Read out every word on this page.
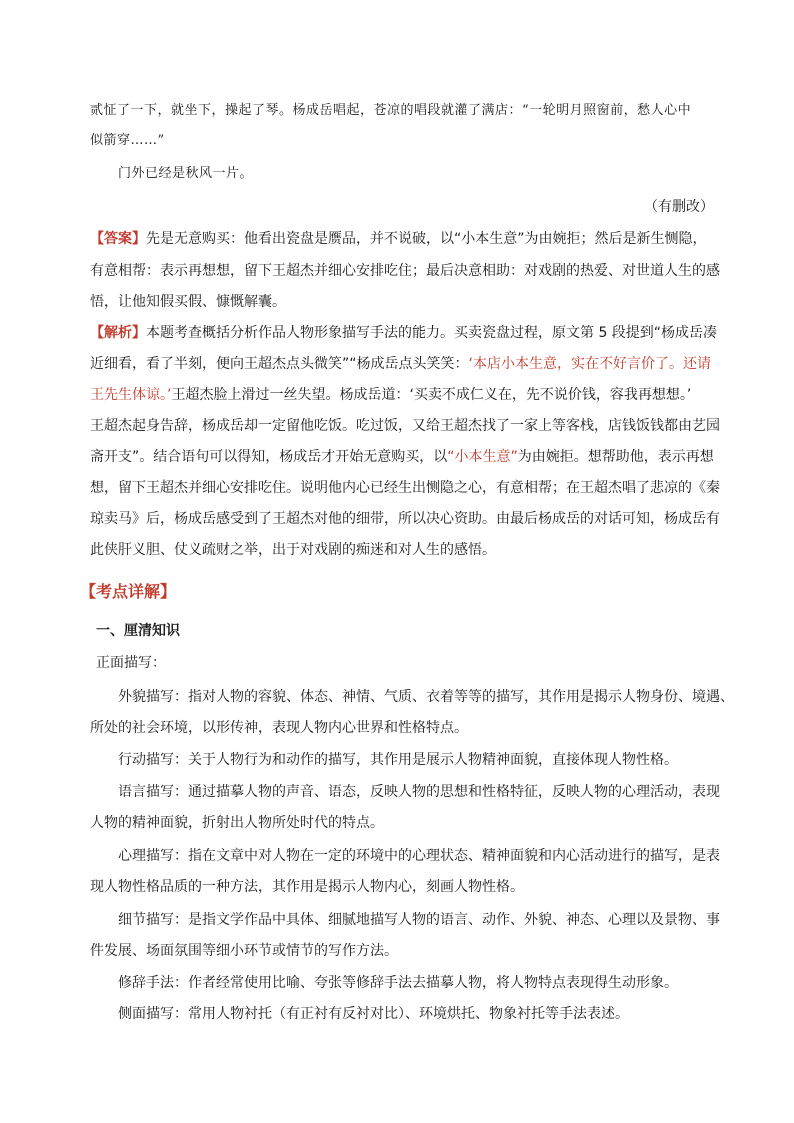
贰怔了一下，就坐下，操起了琴。杨成岳唱起，苍凉的唱段就灌了满店：“一轮明月照窗前，愁人心中
似箭穿……”
门外已经是秋风一片。
（有删改）
【答案】先是无意购买：他看出瓷盘是赝品，并不说破，以“小本生意”为由婉拒；然后是新生恻隐，
有意相帮：表示再想想，留下王超杰并细心安排吃住；最后决意相助：对戏剧的热爱、对世道人生的感
悟，让他知假买假、慷慨解囊。
【解析】本题考查概括分析作品人物形象描写手法的能力。买卖瓷盘过程，原文第 5 段提到“杨成岳凑
近细看，看了半刻，便向王超杰点头微笑”“杨成岳点头笑笑：‘本店小本生意，实在不好言价了。还请
王先生体谅。’王超杰脸上滑过一丝失望。杨成岳道：‘买卖不成仁义在，先不说价钱，容我再想想。’
王超杰起身告辞，杨成岳却一定留他吃饭。吃过饭，又给王超杰找了一家上等客栈，店钱饭钱都由艺园
斋开支”。结合语句可以得知，杨成岳才开始无意购买，以“小本生意”为由婉拒。想帮助他，表示再想
想，留下王超杰并细心安排吃住。说明他内心已经生出恻隐之心，有意相帮；在王超杰唱了悲凉的《秦
琼卖马》后，杨成岳感受到了王超杰对他的细带，所以决心资助。由最后杨成岳的对话可知，杨成岳有
此侠肝义胆、仗义疏财之举，出于对戏剧的痴迷和对人生的感悟。
【考点详解】
一、厘清知识
正面描写：
外貌描写：指对人物的容貌、体态、神情、气质、衣着等等的描写，其作用是揭示人物身份、境遇、
所处的社会环境，以形传神，表现人物内心世界和性格特点。
行动描写：关于人物行为和动作的描写，其作用是展示人物精神面貌，直接体现人物性格。
语言描写：通过描摹人物的声音、语态，反映人物的思想和性格特征，反映人物的心理活动，表现
人物的精神面貌，折射出人物所处时代的特点。
心理描写：指在文章中对人物在一定的环境中的心理状态、精神面貌和内心活动进行的描写，是表
现人物性格品质的一种方法，其作用是揭示人物内心，刻画人物性格。
细节描写：是指文学作品中具体、细腻地描写人物的语言、动作、外貌、神态、心理以及景物、事
件发展、场面氛围等细小环节或情节的写作方法。
修辞手法：作者经常使用比喻、夸张等修辞手法去描摹人物，将人物特点表现得生动形象。
侧面描写：常用人物衬托（有正衬有反衬对比）、环境烘托、物象衬托等手法表述。
